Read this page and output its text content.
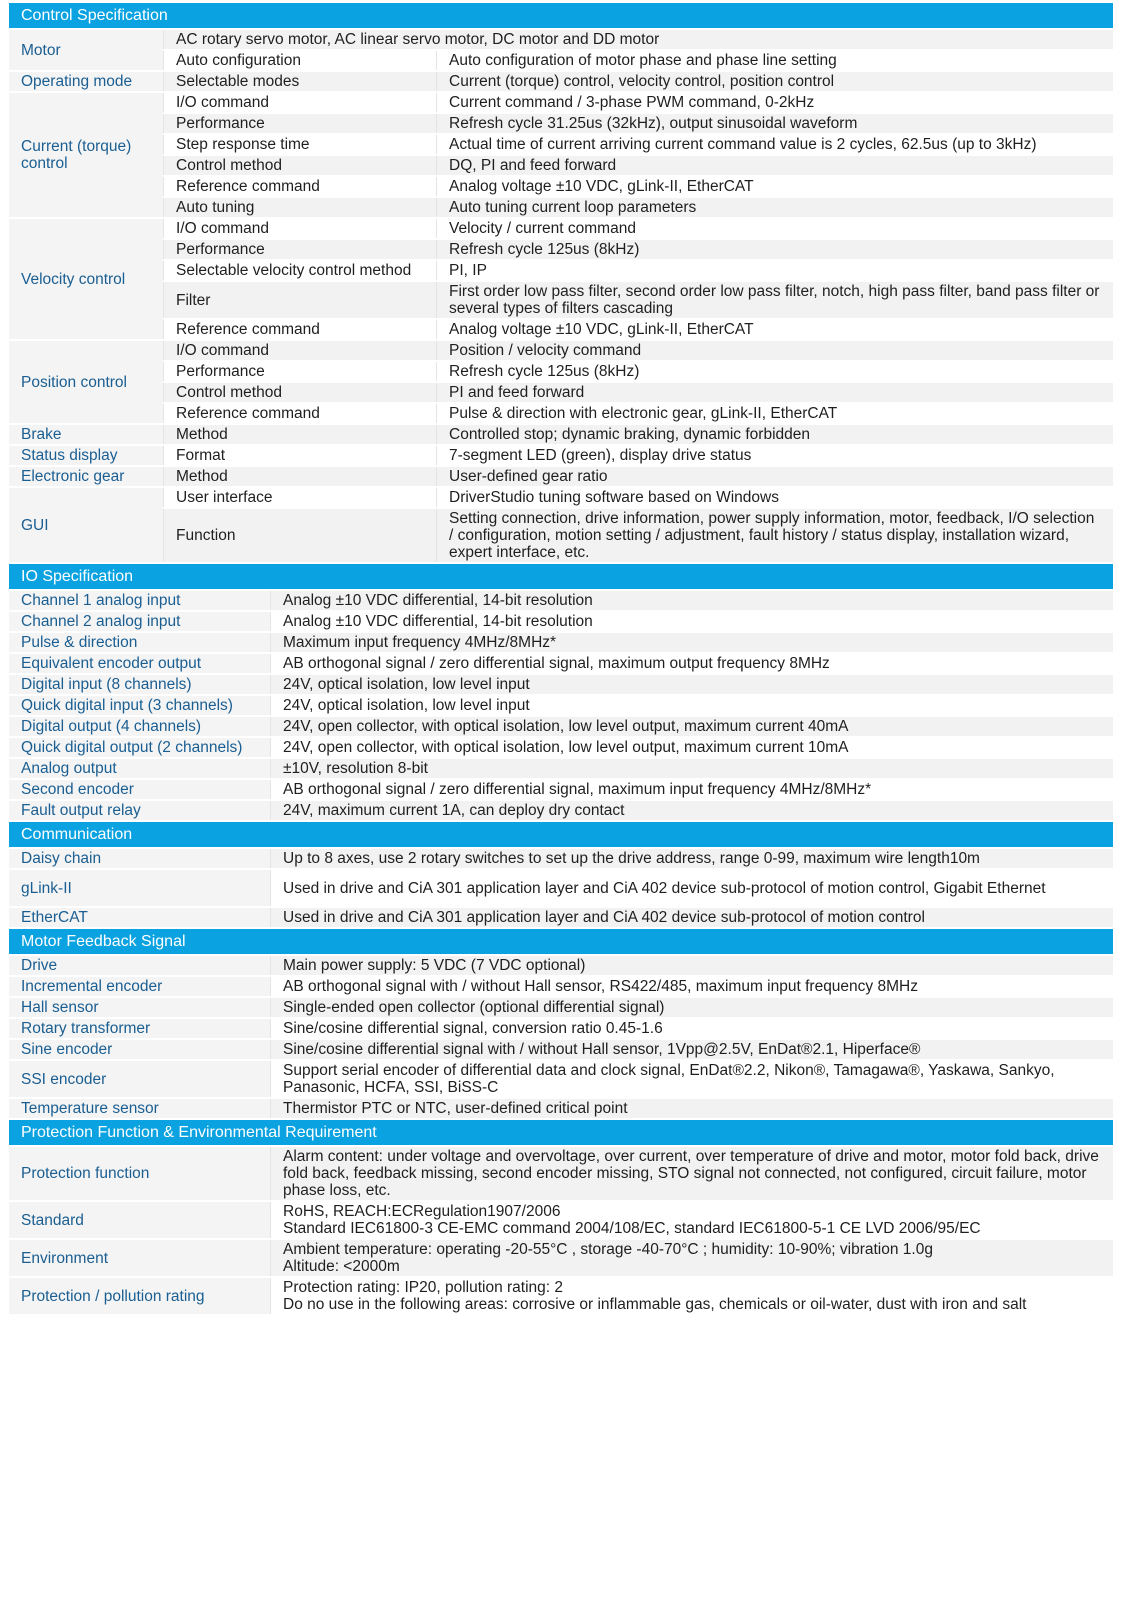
Control Specification		
Motor	AC rotary servo motor, AC linear servo motor, DC motor and DD motor	
	Auto configuration	Auto configuration of motor phase and phase line setting
Operating mode	Selectable modes	Current (torque) control, velocity control, position control
Current (torque) control	I/O command	Current command / 3-phase PWM command, 0-2kHz
	Performance	Refresh cycle 31.25us (32kHz), output sinusoidal waveform
	Step response time	Actual time of current arriving current command value is 2 cycles, 62.5us (up to 3kHz)
	Control method	DQ, PI and feed forward
	Reference command	Analog voltage ±10 VDC, gLink-II, EtherCAT
	Auto tuning	Auto tuning current loop parameters
Velocity control	I/O command	Velocity / current command
	Performance	Refresh cycle 125us (8kHz)
	Selectable velocity control method	PI, IP
	Filter	First order low pass filter, second order low pass filter, notch, high pass filter, band pass filter or several types of filters cascading
	Reference command	Analog voltage ±10 VDC, gLink-II, EtherCAT
Position control	I/O command	Position / velocity command
	Performance	Refresh cycle 125us (8kHz)
	Control method	PI and feed forward
	Reference command	Pulse & direction with electronic gear, gLink-II, EtherCAT
Brake	Method	Controlled stop; dynamic braking, dynamic forbidden
Status display	Format	7-segment LED (green), display drive status
Electronic gear	Method	User-defined gear ratio
GUI	User interface	DriverStudio tuning software based on Windows
	Function	Setting connection, drive information, power supply information, motor, feedback, I/O selection / configuration, motion setting / adjustment, fault history / status display, installation wizard, expert interface, etc.
IO Specification	
Channel 1 analog input	Analog ±10 VDC differential, 14-bit resolution
Channel 2 analog input	Analog ±10 VDC differential, 14-bit resolution
Pulse & direction	Maximum input frequency 4MHz/8MHz*
Equivalent encoder output	AB orthogonal signal / zero differential signal, maximum output frequency 8MHz
Digital input (8 channels)	24V, optical isolation, low level input
Quick digital input (3 channels)	24V, optical isolation, low level input
Digital output (4 channels)	24V, open collector, with optical isolation, low level output, maximum current 40mA
Quick digital output (2 channels)	24V, open collector, with optical isolation, low level output, maximum current 10mA
Analog output	±10V, resolution 8-bit
Second encoder	AB orthogonal signal / zero differential signal, maximum input frequency 4MHz/8MHz*
Fault output relay	24V, maximum current 1A, can deploy dry contact
Communication	
Daisy chain	Up to 8 axes, use 2 rotary switches to set up the drive address, range 0-99, maximum wire length10m
gLink-II	Used in drive and CiA 301 application layer and CiA 402 device sub-protocol of motion control, Gigabit Ethernet
EtherCAT	Used in drive and CiA 301 application layer and CiA 402 device sub-protocol of motion control
Motor Feedback Signal	
Drive	Main power supply: 5 VDC (7 VDC optional)
Incremental encoder	AB orthogonal signal with / without Hall sensor, RS422/485, maximum input frequency 8MHz
Hall sensor	Single-ended open collector (optional differential signal)
Rotary transformer	Sine/cosine differential signal, conversion ratio 0.45-1.6
Sine encoder	Sine/cosine differential signal with / without Hall sensor, 1Vpp@2.5V, EnDat®2.1, Hiperface®
SSI encoder	Support serial encoder of differential data and clock signal, EnDat®2.2, Nikon®, Tamagawa®, Yaskawa, Sankyo, Panasonic, HCFA, SSI, BiSS-C
Temperature sensor	Thermistor PTC or NTC, user-defined critical point
Protection Function & Environmental Requirement	
Protection function	Alarm content: under voltage and overvoltage, over current, over temperature of drive and motor, motor fold back, drive fold back, feedback missing, second encoder missing, STO signal not connected, not configured, circuit failure, motor phase loss, etc.
Standard	RoHS, REACH:ECRegulation1907/2006
Standard IEC61800-3 CE-EMC command 2004/108/EC, standard IEC61800-5-1 CE LVD 2006/95/EC

Environment	Ambient temperature: operating -20-55°C , storage -40-70°C ; humidity: 10-90%; vibration 1.0g
Altitude: <2000m

Protection / pollution rating	Protection rating: IP20, pollution rating: 2
Do no use in the following areas: corrosive or inflammable gas, chemicals or oil-water, dust with iron and salt
